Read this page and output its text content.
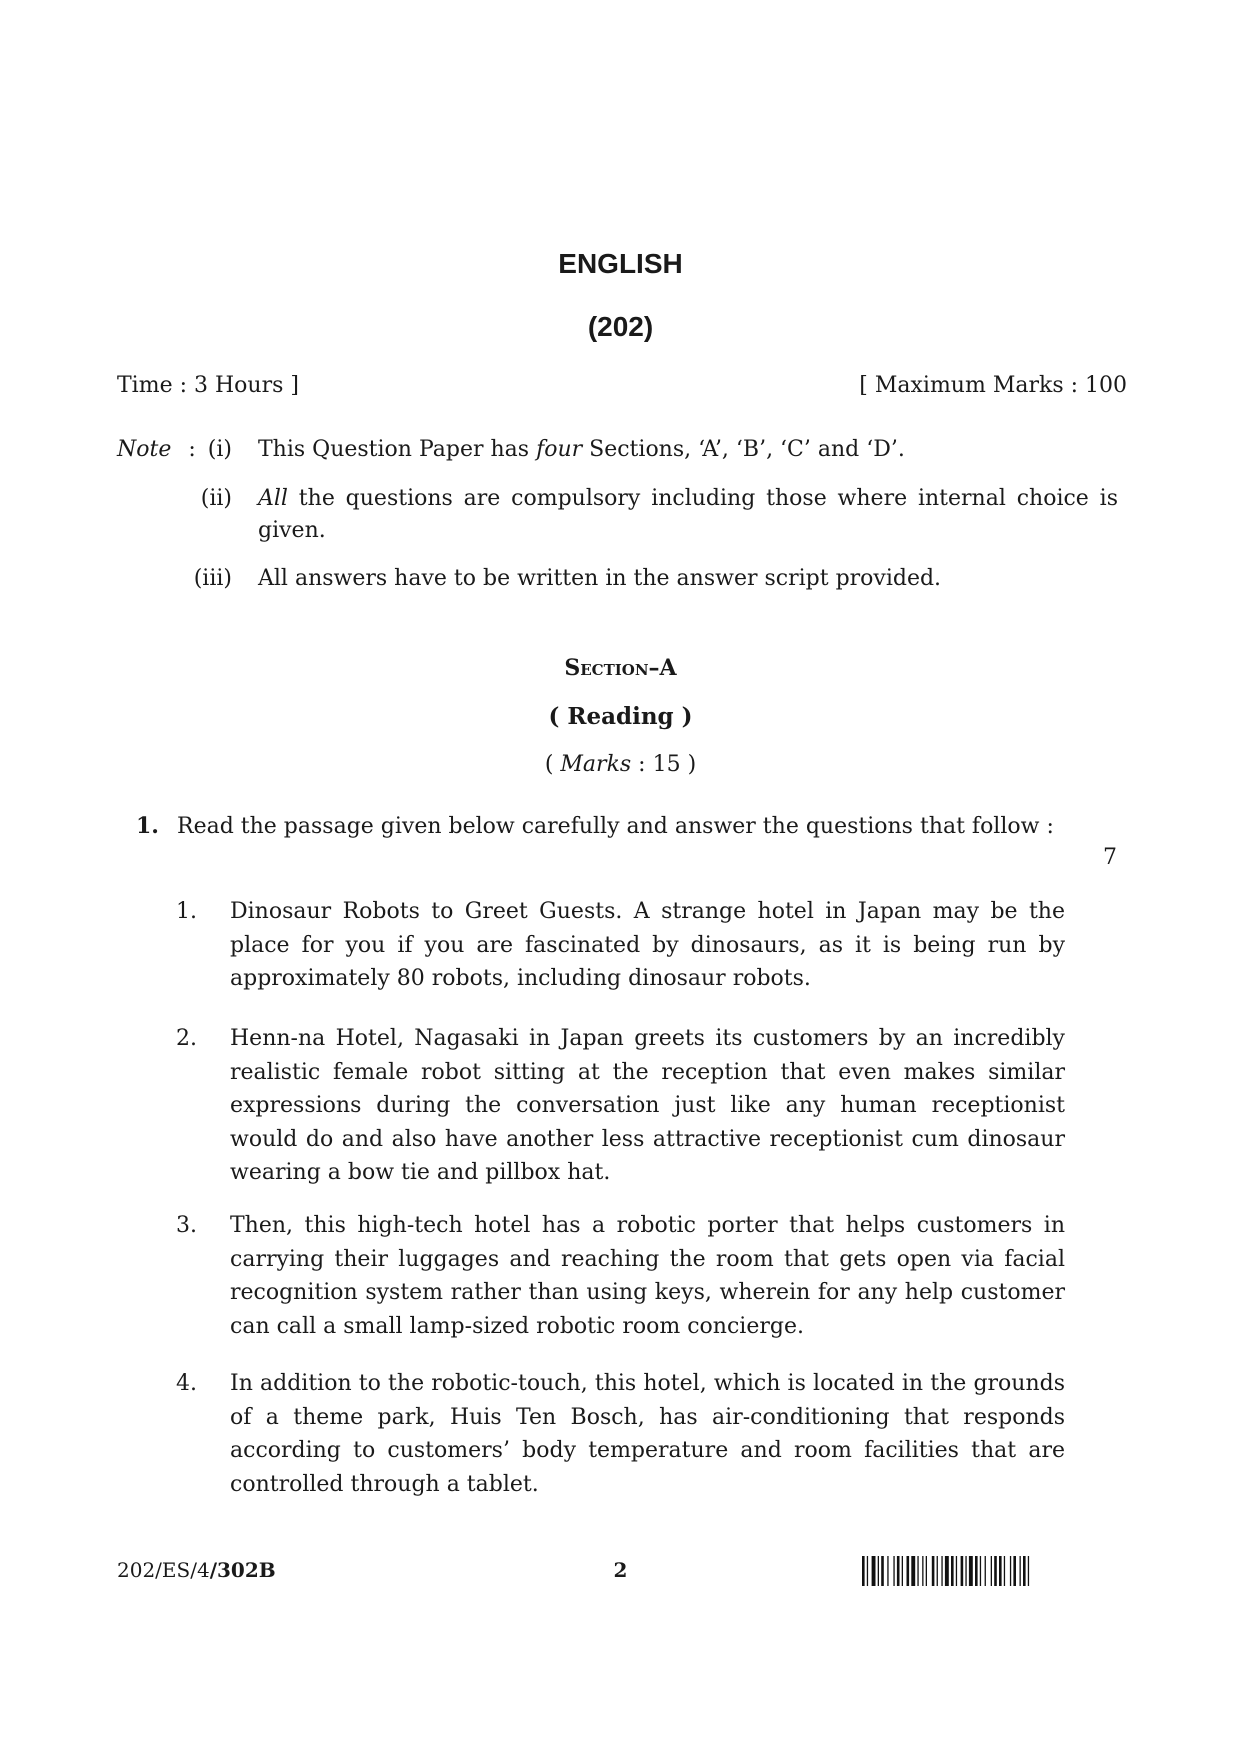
ENGLISH
(202)
Time : 3 Hours ]	[ Maximum Marks : 100
Note : (i) This Question Paper has four Sections, ‘A’, ‘B’, ‘C’ and ‘D’.
(ii) All the questions are compulsory including those where internal choice is given.
(iii) All answers have to be written in the answer script provided.
Section–A
( Reading )
( Marks : 15 )
1. Read the passage given below carefully and answer the questions that follow :
7
1. Dinosaur Robots to Greet Guests. A strange hotel in Japan may be the place for you if you are fascinated by dinosaurs, as it is being run by approximately 80 robots, including dinosaur robots.
2. Henn-na Hotel, Nagasaki in Japan greets its customers by an incredibly realistic female robot sitting at the reception that even makes similar expressions during the conversation just like any human receptionist would do and also have another less attractive receptionist cum dinosaur wearing a bow tie and pillbox hat.
3. Then, this high-tech hotel has a robotic porter that helps customers in carrying their luggages and reaching the room that gets open via facial recognition system rather than using keys, wherein for any help customer can call a small lamp-sized robotic room concierge.
4. In addition to the robotic-touch, this hotel, which is located in the grounds of a theme park, Huis Ten Bosch, has air-conditioning that responds according to customers’ body temperature and room facilities that are controlled through a tablet.
202/ES/4/302B	2
